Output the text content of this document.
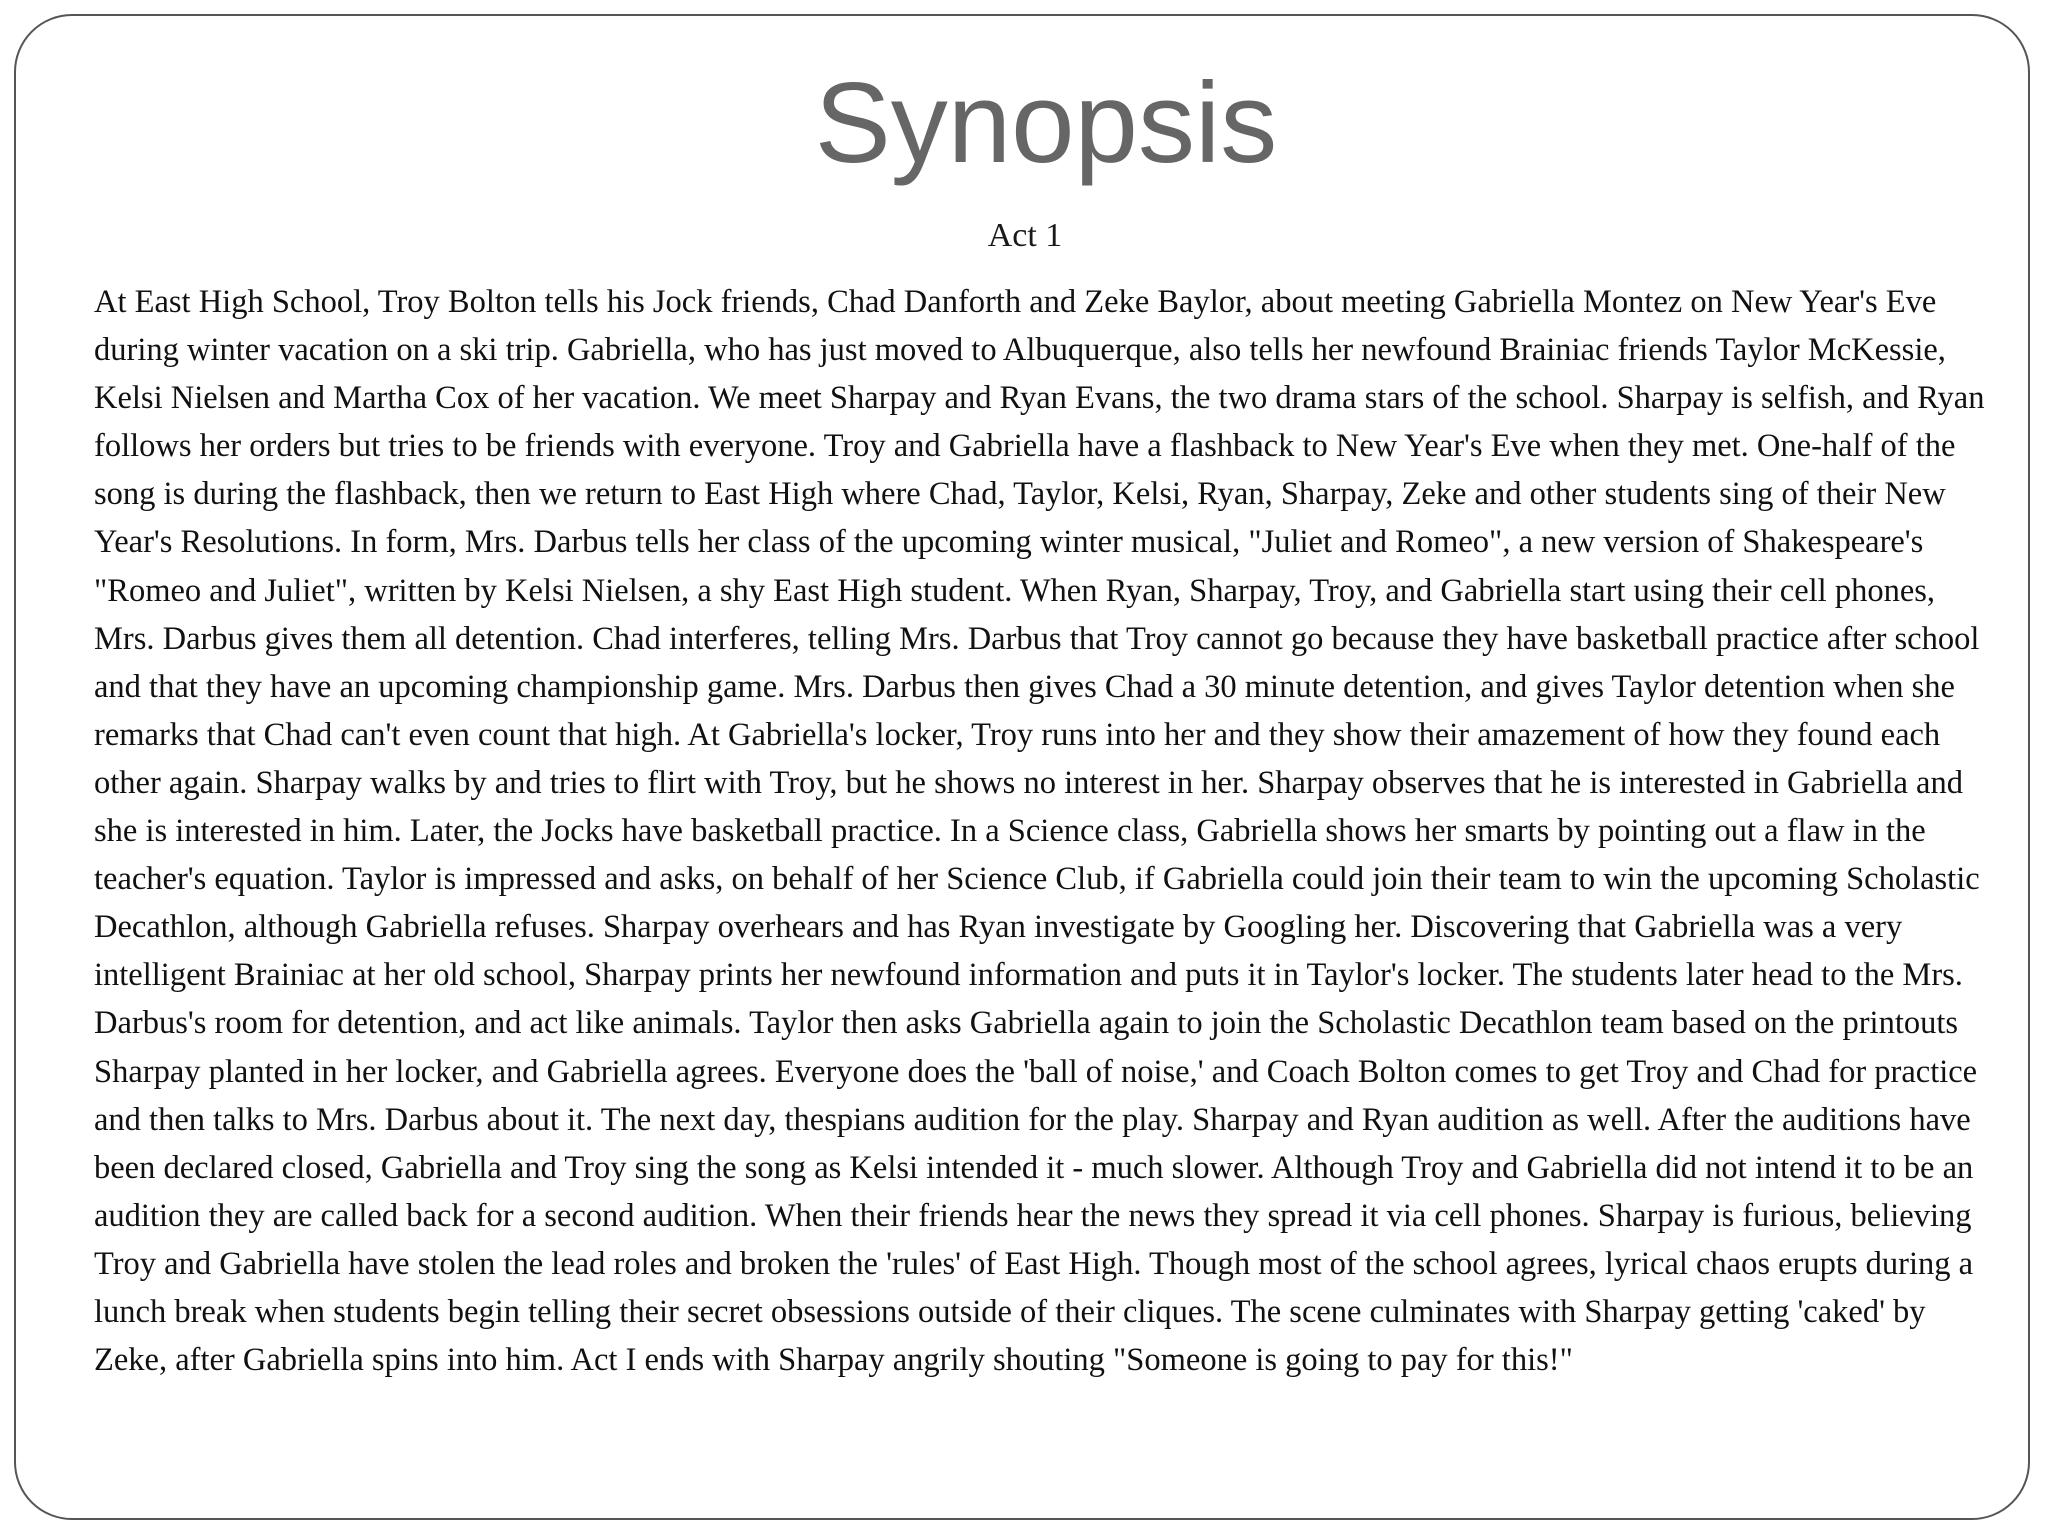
Synopsis
Act 1

At East High School, Troy Bolton tells his Jock friends, Chad Danforth and Zeke Baylor, about meeting Gabriella Montez on New Year's Eve during winter vacation on a ski trip. Gabriella, who has just moved to Albuquerque, also tells her newfound Brainiac friends Taylor McKessie, Kelsi Nielsen and Martha Cox of her vacation. We meet Sharpay and Ryan Evans, the two drama stars of the school. Sharpay is selfish, and Ryan follows her orders but tries to be friends with everyone. Troy and Gabriella have a flashback to New Year's Eve when they met. One-half of the song is during the flashback, then we return to East High where Chad, Taylor, Kelsi, Ryan, Sharpay, Zeke and other students sing of their New Year's Resolutions. In form, Mrs. Darbus tells her class of the upcoming winter musical, "Juliet and Romeo", a new version of Shakespeare's "Romeo and Juliet", written by Kelsi Nielsen, a shy East High student. When Ryan, Sharpay, Troy, and Gabriella start using their cell phones, Mrs. Darbus gives them all detention. Chad interferes, telling Mrs. Darbus that Troy cannot go because they have basketball practice after school and that they have an upcoming championship game. Mrs. Darbus then gives Chad a 30 minute detention, and gives Taylor detention when she remarks that Chad can't even count that high. At Gabriella's locker, Troy runs into her and they show their amazement of how they found each other again. Sharpay walks by and tries to flirt with Troy, but he shows no interest in her. Sharpay observes that he is interested in Gabriella and she is interested in him. Later, the Jocks have basketball practice. In a Science class, Gabriella shows her smarts by pointing out a flaw in the teacher's equation. Taylor is impressed and asks, on behalf of her Science Club, if Gabriella could join their team to win the upcoming Scholastic Decathlon, although Gabriella refuses. Sharpay overhears and has Ryan investigate by Googling her. Discovering that Gabriella was a very intelligent Brainiac at her old school, Sharpay prints her newfound information and puts it in Taylor's locker. The students later head to the Mrs. Darbus's room for detention, and act like animals. Taylor then asks Gabriella again to join the Scholastic Decathlon team based on the printouts Sharpay planted in her locker, and Gabriella agrees. Everyone does the 'ball of noise,' and Coach Bolton comes to get Troy and Chad for practice and then talks to Mrs. Darbus about it. The next day, thespians audition for the play. Sharpay and Ryan audition as well. After the auditions have been declared closed, Gabriella and Troy sing the song as Kelsi intended it - much slower. Although Troy and Gabriella did not intend it to be an audition they are called back for a second audition. When their friends hear the news they spread it via cell phones. Sharpay is furious, believing Troy and Gabriella have stolen the lead roles and broken the 'rules' of East High. Though most of the school agrees, lyrical chaos erupts during a lunch break when students begin telling their secret obsessions outside of their cliques. The scene culminates with Sharpay getting 'caked' by Zeke, after Gabriella spins into him. Act I ends with Sharpay angrily shouting "Someone is going to pay for this!"
